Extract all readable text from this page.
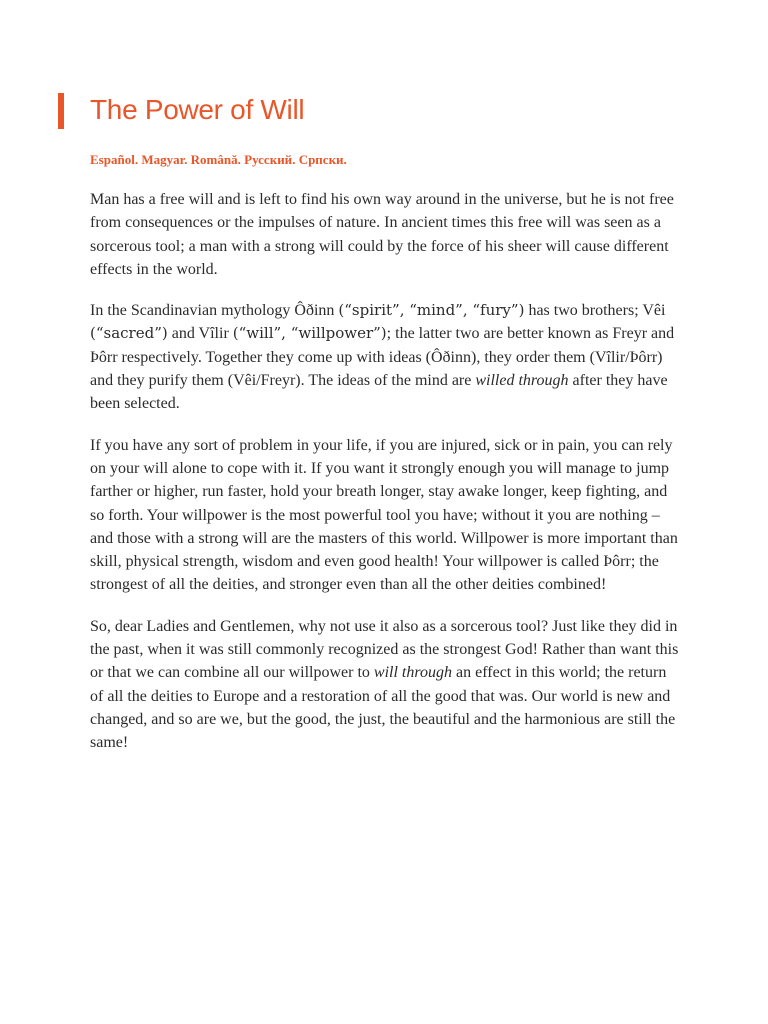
The Power of Will
Español. Magyar. Română. Русский. Српски.

Man has a free will and is left to find his own way around in the universe, but he is not free from consequences or the impulses of nature. In ancient times this free will was seen as a sorcerous tool; a man with a strong will could by the force of his sheer will cause different effects in the world.

In the Scandinavian mythology Ôðinn (“spirit”, “mind”, “fury”) has two brothers; Vêi (“sacred”) and Vîlir (“will”, “willpower”); the latter two are better known as Freyr and Þôrr respectively. Together they come up with ideas (Ôðinn), they order them (Vîlir/Þôrr) and they purify them (Vêi/Freyr). The ideas of the mind are willed through after they have been selected.

If you have any sort of problem in your life, if you are injured, sick or in pain, you can rely on your will alone to cope with it. If you want it strongly enough you will manage to jump farther or higher, run faster, hold your breath longer, stay awake longer, keep fighting, and so forth. Your willpower is the most powerful tool you have; without it you are nothing – and those with a strong will are the masters of this world. Willpower is more important than skill, physical strength, wisdom and even good health! Your willpower is called Þôrr; the strongest of all the deities, and stronger even than all the other deities combined!

So, dear Ladies and Gentlemen, why not use it also as a sorcerous tool? Just like they did in the past, when it was still commonly recognized as the strongest God! Rather than want this or that we can combine all our willpower to will through an effect in this world; the return of all the deities to Europe and a restoration of all the good that was. Our world is new and changed, and so are we, but the good, the just, the beautiful and the harmonious are still the same!
